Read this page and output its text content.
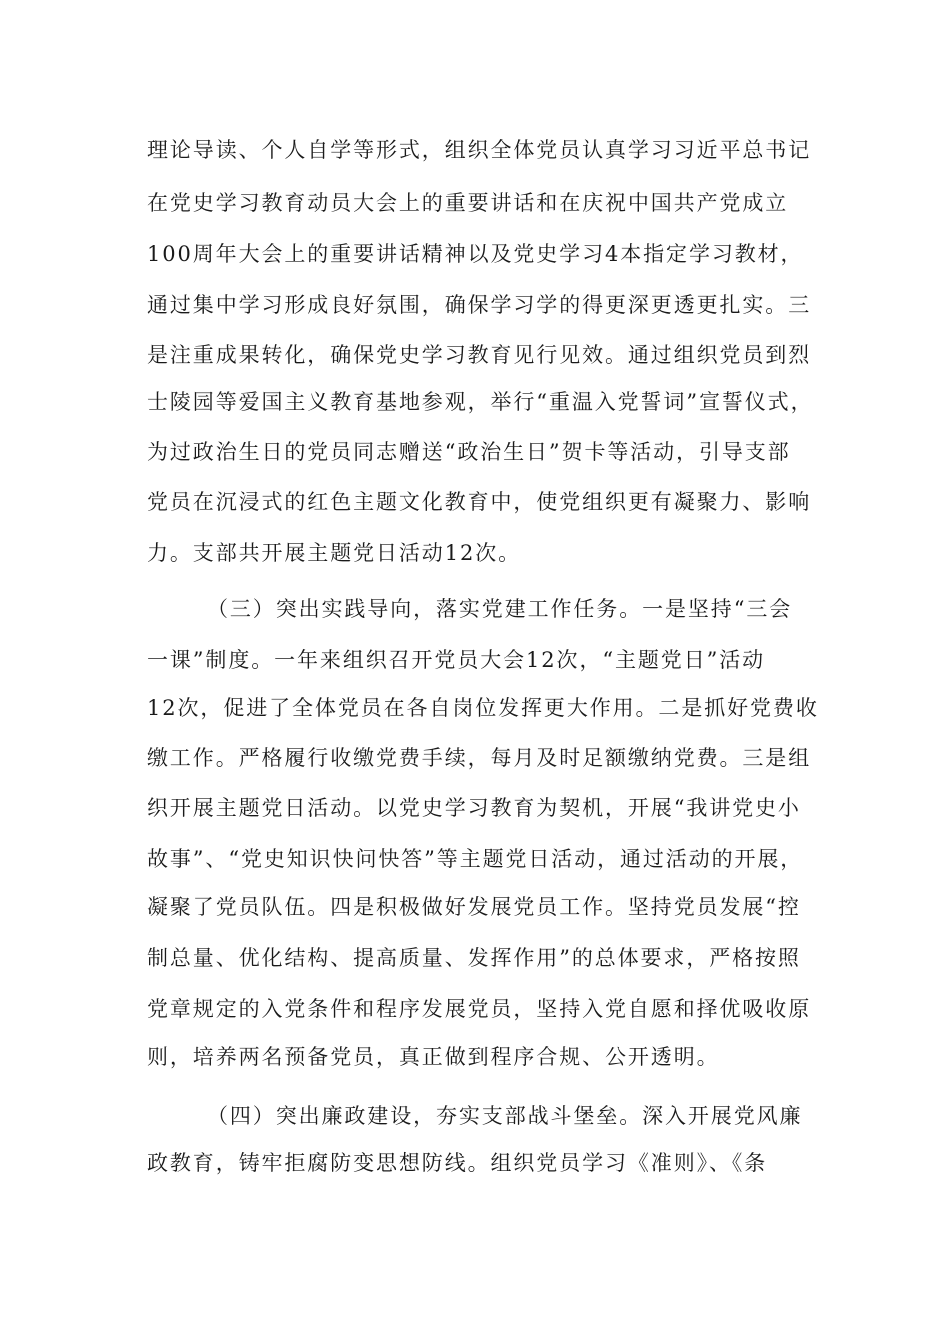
理论导读、个人自学等形式，组织全体党员认真学习习近平总书记
在党史学习教育动员大会上的重要讲话和在庆祝中国共产党成立
100周年大会上的重要讲话精神以及党史学习4本指定学习教材，
通过集中学习形成良好氛围，确保学习学的得更深更透更扎实。三
是注重成果转化，确保党史学习教育见行见效。通过组织党员到烈
士陵园等爱国主义教育基地参观，举行“重温入党誓词”宣誓仪式，
为过政治生日的党员同志赠送“政治生日”贺卡等活动，引导支部
党员在沉浸式的红色主题文化教育中，使党组织更有凝聚力、影响
力。支部共开展主题党日活动12次。
（三）突出实践导向，落实党建工作任务。一是坚持“三会
一课”制度。一年来组织召开党员大会12次，“主题党日”活动
12次，促进了全体党员在各自岗位发挥更大作用。二是抓好党费收
缴工作。严格履行收缴党费手续，每月及时足额缴纳党费。三是组
织开展主题党日活动。以党史学习教育为契机，开展“我讲党史小
故事”、“党史知识快问快答”等主题党日活动，通过活动的开展，
凝聚了党员队伍。四是积极做好发展党员工作。坚持党员发展“控
制总量、优化结构、提高质量、发挥作用”的总体要求，严格按照
党章规定的入党条件和程序发展党员，坚持入党自愿和择优吸收原
则，培养两名预备党员，真正做到程序合规、公开透明。
（四）突出廉政建设，夯实支部战斗堡垒。深入开展党风廉
政教育，铸牢拒腐防变思想防线。组织党员学习《准则》、《条
